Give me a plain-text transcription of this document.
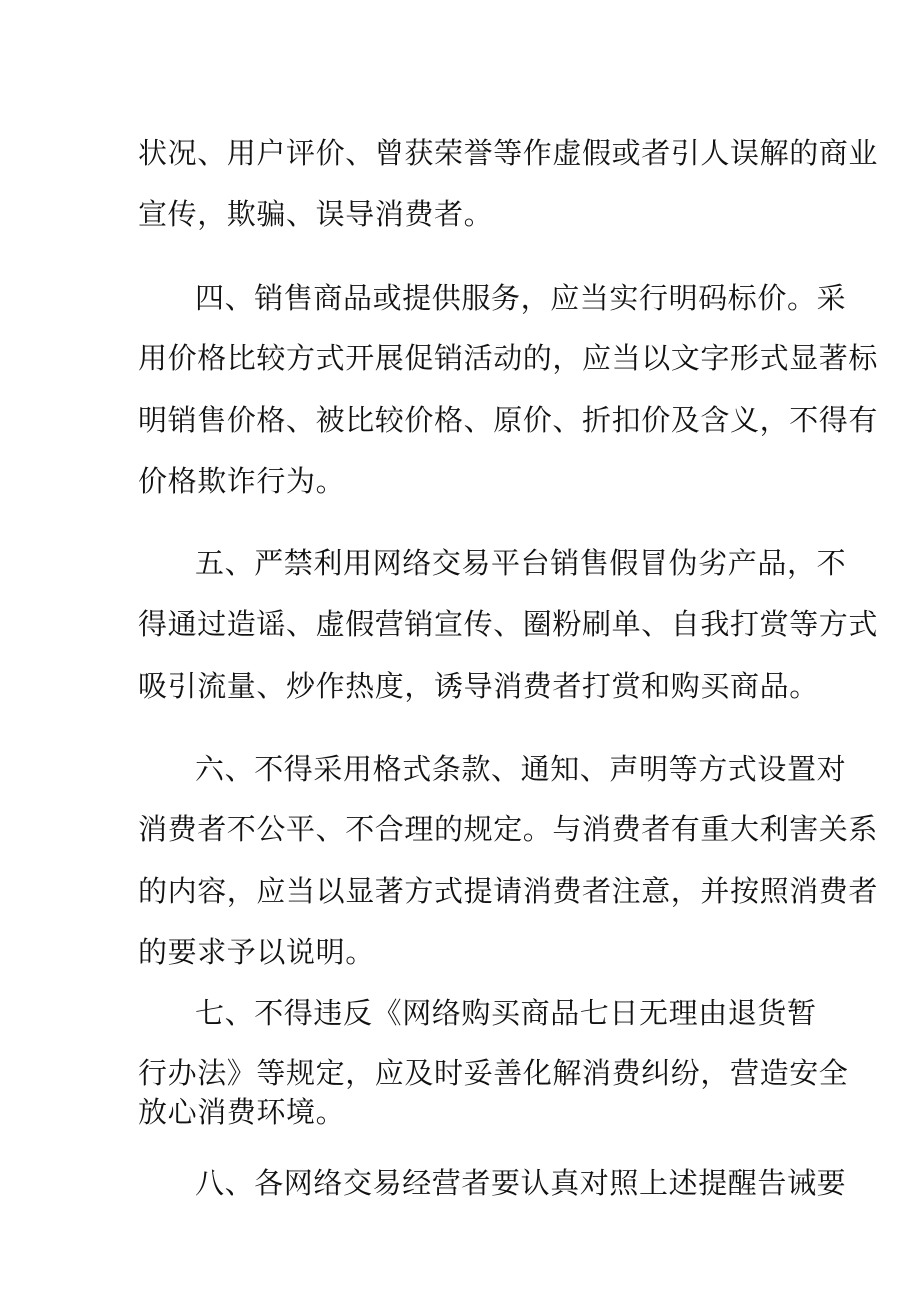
状况、用户评价、曾获荣誉等作虚假或者引人误解的商业
宣传，欺骗、误导消费者。
四、销售商品或提供服务，应当实行明码标价。采
用价格比较方式开展促销活动的，应当以文字形式显著标
明销售价格、被比较价格、原价、折扣价及含义，不得有
价格欺诈行为。
五、严禁利用网络交易平台销售假冒伪劣产品，不
得通过造谣、虚假营销宣传、圈粉刷单、自我打赏等方式
吸引流量、炒作热度，诱导消费者打赏和购买商品。
六、不得采用格式条款、通知、声明等方式设置对
消费者不公平、不合理的规定。与消费者有重大利害关系
的内容，应当以显著方式提请消费者注意，并按照消费者
的要求予以说明。
七、不得违反《网络购买商品七日无理由退货暂
行办法》等规定，应及时妥善化解消费纠纷，营造安全
放心消费环境。
八、各网络交易经营者要认真对照上述提醒告诫要
